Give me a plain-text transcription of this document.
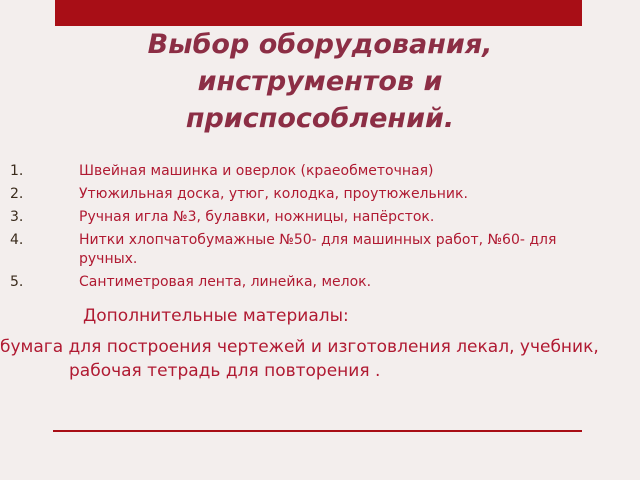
Выбор оборудования,
инструментов и
приспособлений.
1.	Швейная машинка и оверлок (краеобметочная)
2.	Утюжильная доска, утюг, колодка, проутюжельник.
3.	Ручная игла №3, булавки, ножницы, напёрсток.
4.	Нитки хлопчатобумажные №50- для машинных работ, №60- для ручных.
5.	Сантиметровая лента, линейка, мелок.

Дополнительные материалы:

бумага для построения чертежей и изготовления лекал, учебник, рабочая тетрадь для повторения .
